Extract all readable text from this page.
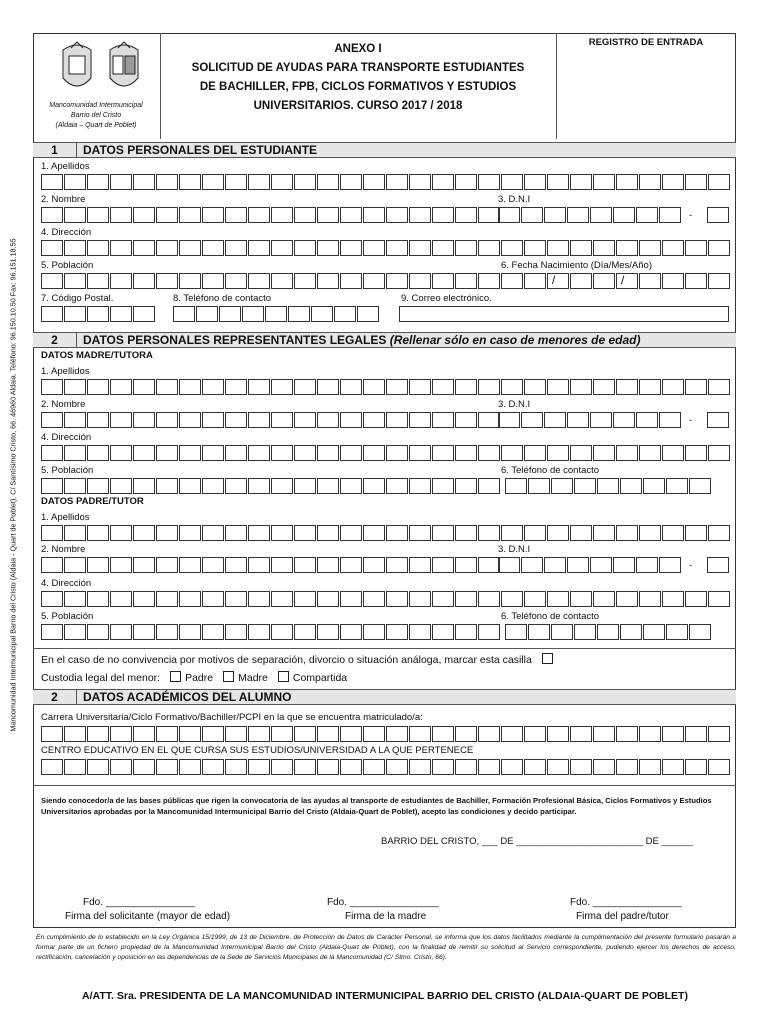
Mancomunidad Intermunicipal Barrio del Cristo (Aldaia - Quart de Poblet). C/ Santísimo Cristo, 66. 46960 Aldaia. Teléfono: 96.150.10.50 Fax: 96.151.18.55
Mancomunidad Intermunicipal
Barrio del Cristo
(Aldaia – Quart de Poblet)
ANEXO I
SOLICITUD DE AYUDAS PARA TRANSPORTE ESTUDIANTES
DE BACHILLER, FPB, CICLOS FORMATIVOS Y ESTUDIOS
UNIVERSITARIOS. CURSO 2017 / 2018
REGISTRO DE ENTRADA
1	DATOS PERSONALES DEL ESTUDIANTE
1. Apellidos
2. Nombre	3. D.N.I
-
4. Dirección
5. Población	6. Fecha Nacimiento (Día/Mes/Año)
/	/
7. Código Postal.	8. Teléfono de contacto	9. Correo electrónico.
2	DATOS PERSONALES REPRESENTANTES LEGALES (Rellenar sólo en caso de menores de edad)
DATOS MADRE/TUTORA
1. Apellidos
2. Nombre	3. D.N.I
-
4. Dirección
5. Población	6. Teléfono de contacto
DATOS PADRE/TUTOR
1. Apellidos
2. Nombre	3. D.N.I
-
4. Dirección
5. Población	6. Teléfono de contacto
En el caso de no convivencia por motivos de separación, divorcio o situación análoga, marcar esta casilla
Custodia legal del menor: Padre Madre Compartida
2	DATOS ACADÉMICOS DEL ALUMNO
Carrera Universitaria/Ciclo Formativo/Bachiller/PCPI en la que se encuentra matriculado/a:
CENTRO EDUCATIVO EN EL QUE CURSA SUS ESTUDIOS/UNIVERSIDAD A LA QUE PERTENECE
Siendo conocedor/a de las bases públicas que rigen la convocatoria de las ayudas al transporte de estudiantes de Bachiller, Formación Profesional Básica, Ciclos Formativos y Estudios Universitarios aprobadas por la Mancomunidad Intermunicipal Barrio del Cristo (Aldaia-Quart de Poblet), acepto las condiciones y decido participar.
BARRIO DEL CRISTO, ___ DE ________________________ DE ______
Fdo. ________________
Firma del solicitante (mayor de edad)
Fdo. ________________
Firma de la madre
Fdo. ________________
Firma del padre/tutor
En cumplimiento de lo establecido en la Ley Orgánica 15/1999, de 13 de Diciembre, de Protección de Datos de Carácter Personal, se informa que los datos facilitados mediante la cumplimentación del presente formulario pasarán a formar parte de un fichero propiedad de la Mancomunidad Intermunicipal Barrio del Cristo (Aldaia-Quart de Poblet), con la finalidad de remitir su solicitud al Servicio correspondiente, pudiendo ejercer los derechos de acceso, rectificación, cancelación y oposición en las dependencias de la Sede de Servicios Municipales de la Mancomunidad (C/ Stmo. Cristo, 66).
A/ATT. Sra. PRESIDENTA DE LA MANCOMUNIDAD INTERMUNICIPAL BARRIO DEL CRISTO (ALDAIA-QUART DE POBLET)
